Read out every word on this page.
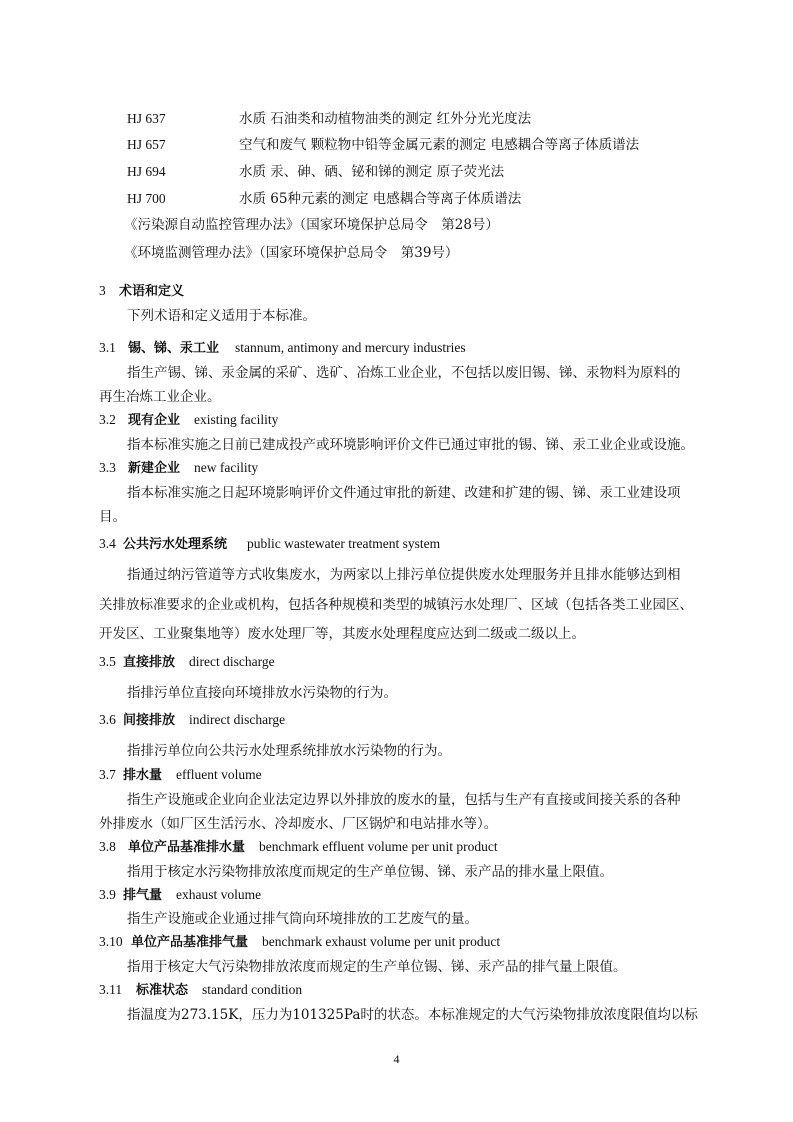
HJ 637	水质 石油类和动植物油类的测定 红外分光光度法
HJ 657	空气和废气 颗粒物中铅等金属元素的测定 电感耦合等离子体质谱法
HJ 694	水质 汞、砷、硒、铋和锑的测定 原子荧光法
HJ 700	水质 65种元素的测定 电感耦合等离子体质谱法
《污染源自动监控管理办法》（国家环境保护总局令　第28号）
《环境监测管理办法》（国家环境保护总局令　第39号）
3 术语和定义
下列术语和定义适用于本标准。
3.1 锡、锑、汞工业 stannum, antimony and mercury industries
指生产锡、锑、汞金属的采矿、选矿、冶炼工业企业，不包括以废旧锡、锑、汞物料为原料的
再生冶炼工业企业。
3.2 现有企业 existing facility
指本标准实施之日前已建成投产或环境影响评价文件已通过审批的锡、锑、汞工业企业或设施。
3.3 新建企业 new facility
指本标准实施之日起环境影响评价文件通过审批的新建、改建和扩建的锡、锑、汞工业建设项
目。
3.4 公共污水处理系统 public wastewater treatment system
指通过纳污管道等方式收集废水，为两家以上排污单位提供废水处理服务并且排水能够达到相
关排放标准要求的企业或机构，包括各种规模和类型的城镇污水处理厂、区域（包括各类工业园区、
开发区、工业聚集地等）废水处理厂等，其废水处理程度应达到二级或二级以上。
3.5 直接排放 direct discharge
指排污单位直接向环境排放水污染物的行为。
3.6 间接排放 indirect discharge
指排污单位向公共污水处理系统排放水污染物的行为。
3.7 排水量 effluent volume
指生产设施或企业向企业法定边界以外排放的废水的量，包括与生产有直接或间接关系的各种
外排废水（如厂区生活污水、冷却废水、厂区锅炉和电站排水等）。
3.8 单位产品基准排水量 benchmark effluent volume per unit product
指用于核定水污染物排放浓度而规定的生产单位锡、锑、汞产品的排水量上限值。
3.9 排气量 exhaust volume
指生产设施或企业通过排气筒向环境排放的工艺废气的量。
3.10 单位产品基准排气量 benchmark exhaust volume per unit product
指用于核定大气污染物排放浓度而规定的生产单位锡、锑、汞产品的排气量上限值。
3.11 标准状态 standard condition
指温度为273.15K，压力为101325Pa时的状态。本标准规定的大气污染物排放浓度限值均以标
4
